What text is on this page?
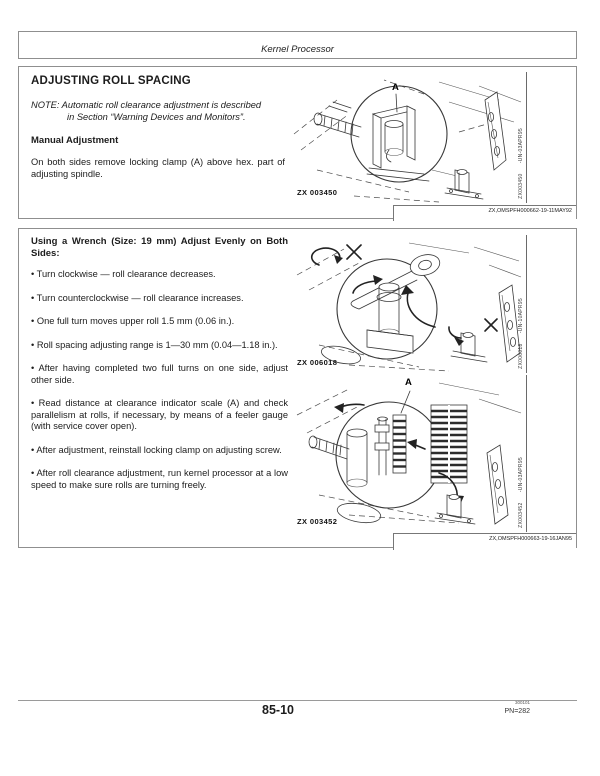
Kernel Processor
ADJUSTING ROLL SPACING
NOTE: Automatic roll clearance adjustment is described
in Section “Warning Devices and Monitors”.
Manual Adjustment
On both sides remove locking clamp (A) above hex. part of adjusting spindle.
A
ZX 003450	ZX003450      -UN-03APR95
ZX,OMSPFH000662-19-11MAY92
Using a Wrench (Size: 19 mm) Adjust Evenly on Both Sides:

• Turn clockwise — roll clearance decreases.

• Turn counterclockwise — roll clearance increases.

• One full turn moves upper roll 1.5 mm (0.06 in.).

• Roll spacing adjusting range is 1—30 mm (0.04—1.18 in.).

• After having completed two full turns on one side, adjust other side.

• Read distance at clearance indicator scale (A) and check parallelism at rolls, if necessary, by means of a feeler gauge (with service cover open).

• After adjustment, reinstall locking clamp on adjusting screw.

• After roll clearance adjustment, run kernel processor at a low speed to make sure rolls are turning freely.

ZX 006018	ZX006018      -UN-10APR95
A
ZX 003452	ZX003452      -UN-03APR95
ZX,OMSPFH000663-19-16JAN95
85-10
300101
PN=282
